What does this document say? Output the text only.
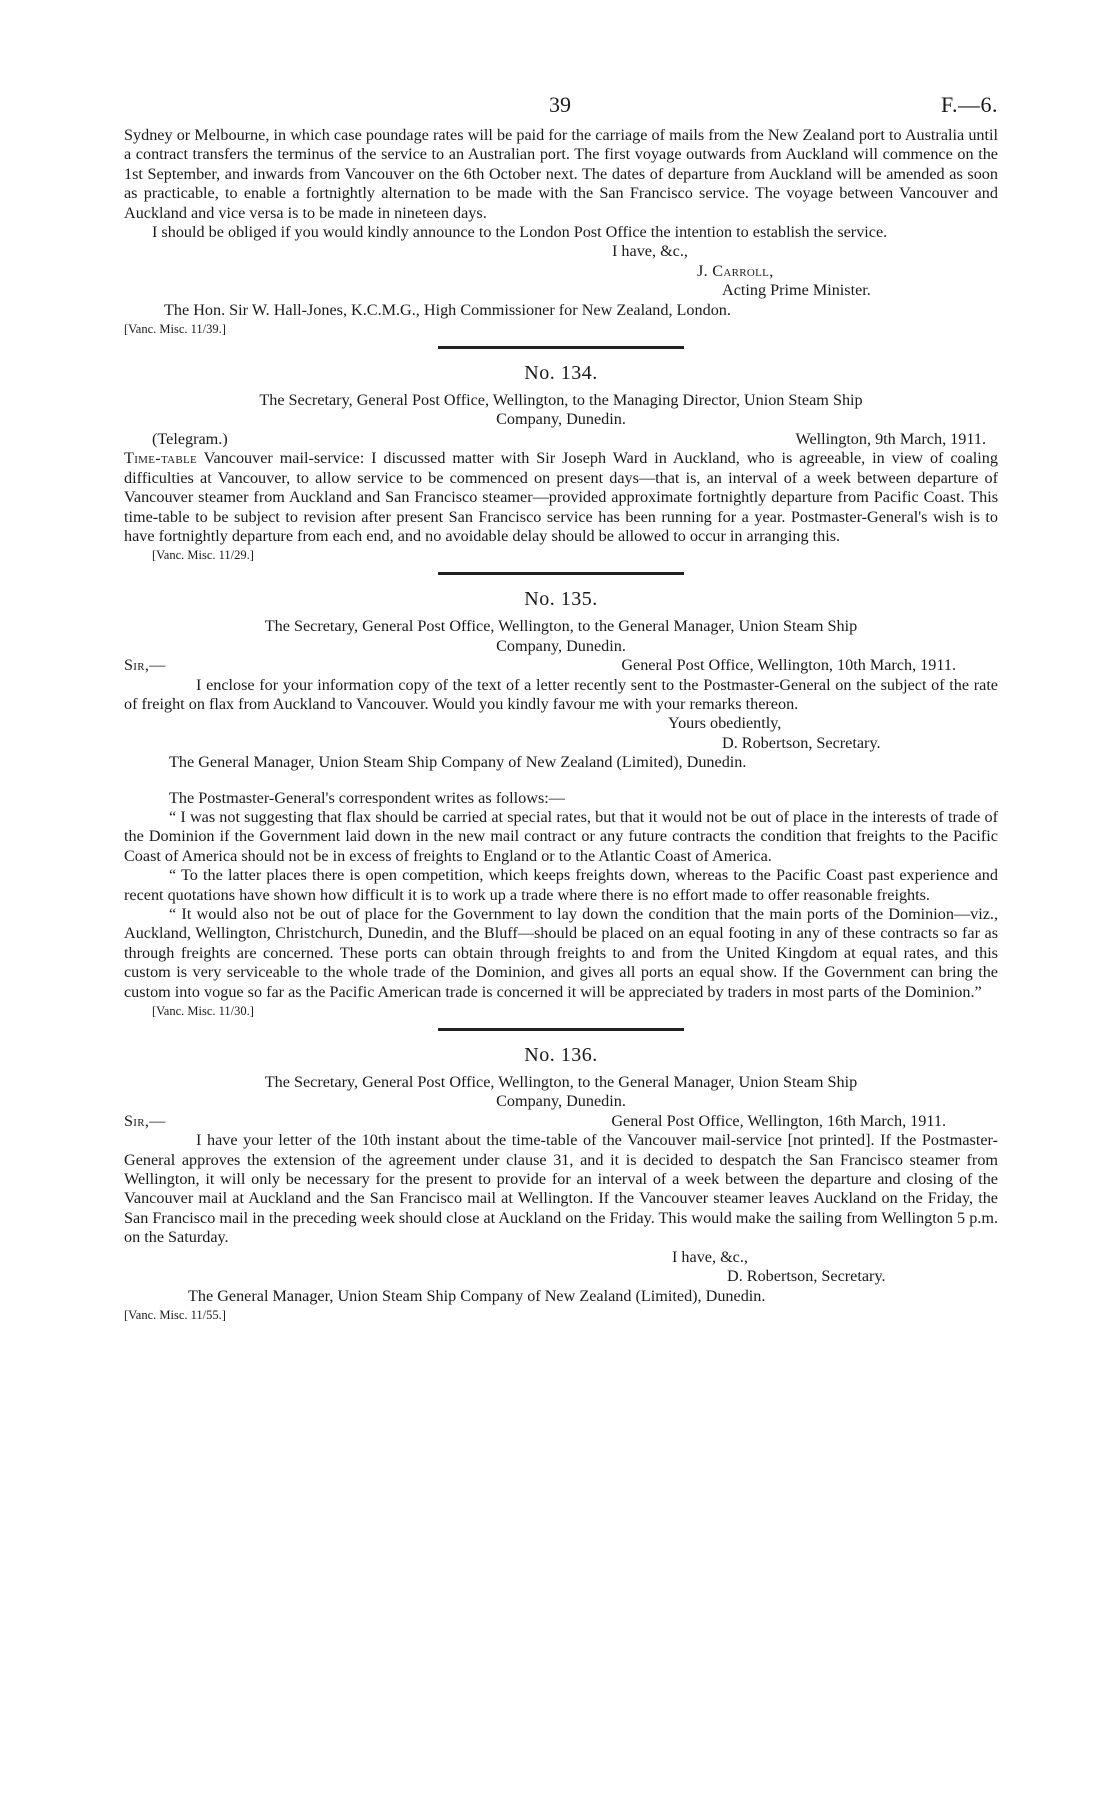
39	F.—6.

Sydney or Melbourne, in which case poundage rates will be paid for the carriage of mails from the New Zealand port to Australia until a contract transfers the terminus of the service to an Australian port. The first voyage outwards from Auckland will commence on the 1st September, and inwards from Vancouver on the 6th October next. The dates of departure from Auckland will be amended as soon as practicable, to enable a fortnightly alternation to be made with the San Francisco service. The voyage between Vancouver and Auckland and vice versa is to be made in nineteen days.

I should be obliged if you would kindly announce to the London Post Office the intention to establish the service.

I have, &c.,

J. Carroll,

Acting Prime Minister.

The Hon. Sir W. Hall-Jones, K.C.M.G., High Commissioner for New Zealand, London.

[Vanc. Misc. 11/39.]

No. 134.

The Secretary, General Post Office, Wellington, to the Managing Director, Union Steam Ship

Company, Dunedin.

(Telegram.)	Wellington, 9th March, 1911.

Time-table Vancouver mail-service: I discussed matter with Sir Joseph Ward in Auckland, who is agreeable, in view of coaling difficulties at Vancouver, to allow service to be commenced on present days—that is, an interval of a week between departure of Vancouver steamer from Auckland and San Francisco steamer—provided approximate fortnightly departure from Pacific Coast. This time-table to be subject to revision after present San Francisco service has been running for a year. Postmaster-General's wish is to have fortnightly departure from each end, and no avoidable delay should be allowed to occur in arranging this.

[Vanc. Misc. 11/29.]

No. 135.

The Secretary, General Post Office, Wellington, to the General Manager, Union Steam Ship

Company, Dunedin.

Sir,—	General Post Office, Wellington, 10th March, 1911.

I enclose for your information copy of the text of a letter recently sent to the Postmaster-General on the subject of the rate of freight on flax from Auckland to Vancouver. Would you kindly favour me with your remarks thereon.

Yours obediently,

D. Robertson, Secretary.

The General Manager, Union Steam Ship Company of New Zealand (Limited), Dunedin.

The Postmaster-General's correspondent writes as follows:—

“ I was not suggesting that flax should be carried at special rates, but that it would not be out of place in the interests of trade of the Dominion if the Government laid down in the new mail contract or any future contracts the condition that freights to the Pacific Coast of America should not be in excess of freights to England or to the Atlantic Coast of America.

“ To the latter places there is open competition, which keeps freights down, whereas to the Pacific Coast past experience and recent quotations have shown how difficult it is to work up a trade where there is no effort made to offer reasonable freights.

“ It would also not be out of place for the Government to lay down the condition that the main ports of the Dominion—viz., Auckland, Wellington, Christchurch, Dunedin, and the Bluff—should be placed on an equal footing in any of these contracts so far as through freights are concerned. These ports can obtain through freights to and from the United Kingdom at equal rates, and this custom is very serviceable to the whole trade of the Dominion, and gives all ports an equal show. If the Government can bring the custom into vogue so far as the Pacific American trade is concerned it will be appreciated by traders in most parts of the Dominion.”

[Vanc. Misc. 11/30.]

No. 136.

The Secretary, General Post Office, Wellington, to the General Manager, Union Steam Ship

Company, Dunedin.

Sir,—	General Post Office, Wellington, 16th March, 1911.

I have your letter of the 10th instant about the time-table of the Vancouver mail-service [not printed]. If the Postmaster-General approves the extension of the agreement under clause 31, and it is decided to despatch the San Francisco steamer from Wellington, it will only be necessary for the present to provide for an interval of a week between the departure and closing of the Vancouver mail at Auckland and the San Francisco mail at Wellington. If the Vancouver steamer leaves Auckland on the Friday, the San Francisco mail in the preceding week should close at Auckland on the Friday. This would make the sailing from Wellington 5 p.m. on the Saturday.

I have, &c.,

D. Robertson, Secretary.

The General Manager, Union Steam Ship Company of New Zealand (Limited), Dunedin.

[Vanc. Misc. 11/55.]
